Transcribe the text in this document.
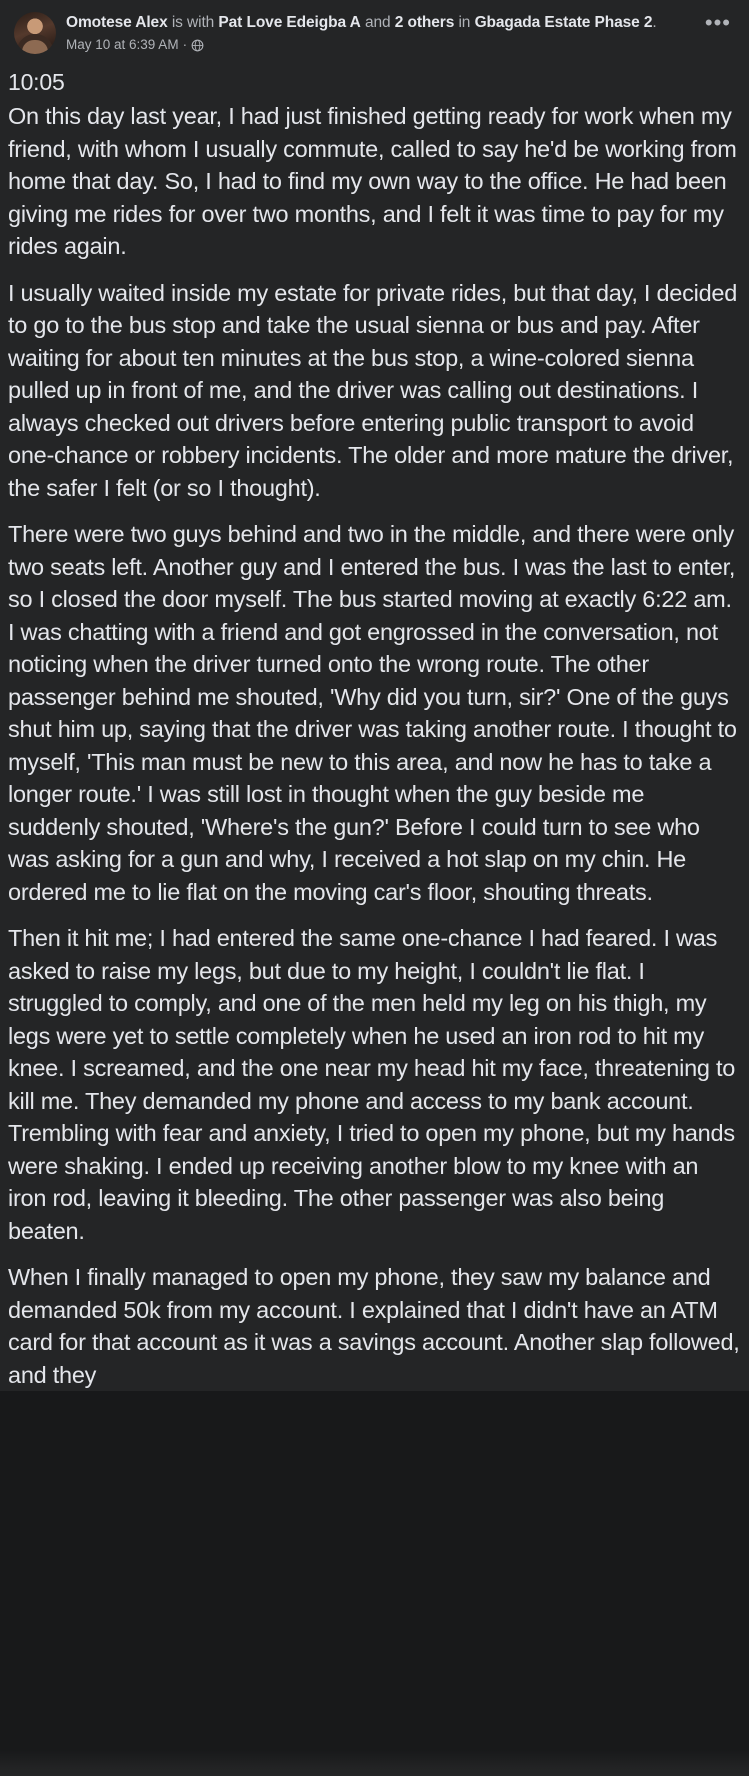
Omotese Alex is with Pat Love Edeigba A and 2 others in Gbagada Estate Phase 2.
May 10 at 6:39 AM ·
•••
10:05

On this day last year, I had just finished getting ready for work when my friend, with whom I usually commute, called to say he'd be working from home that day. So, I had to find my own way to the office. He had been giving me rides for over two months, and I felt it was time to pay for my rides again.

I usually waited inside my estate for private rides, but that day, I decided to go to the bus stop and take the usual sienna or bus and pay. After waiting for about ten minutes at the bus stop, a wine-colored sienna pulled up in front of me, and the driver was calling out destinations. I always checked out drivers before entering public transport to avoid one-chance or robbery incidents. The older and more mature the driver, the safer I felt (or so I thought).

There were two guys behind and two in the middle, and there were only two seats left. Another guy and I entered the bus. I was the last to enter, so I closed the door myself. The bus started moving at exactly 6:22 am. I was chatting with a friend and got engrossed in the conversation, not noticing when the driver turned onto the wrong route. The other passenger behind me shouted, 'Why did you turn, sir?' One of the guys shut him up, saying that the driver was taking another route. I thought to myself, 'This man must be new to this area, and now he has to take a longer route.' I was still lost in thought when the guy beside me suddenly shouted, 'Where's the gun?' Before I could turn to see who was asking for a gun and why, I received a hot slap on my chin. He ordered me to lie flat on the moving car's floor, shouting threats.

Then it hit me; I had entered the same one-chance I had feared. I was asked to raise my legs, but due to my height, I couldn't lie flat. I struggled to comply, and one of the men held my leg on his thigh, my legs were yet to settle completely when he used an iron rod to hit my knee. I screamed, and the one near my head hit my face, threatening to kill me. They demanded my phone and access to my bank account. Trembling with fear and anxiety, I tried to open my phone, but my hands were shaking. I ended up receiving another blow to my knee with an iron rod, leaving it bleeding. The other passenger was also being beaten.

When I finally managed to open my phone, they saw my balance and demanded 50k from my account. I explained that I didn't have an ATM card for that account as it was a savings account. Another slap followed, and they
